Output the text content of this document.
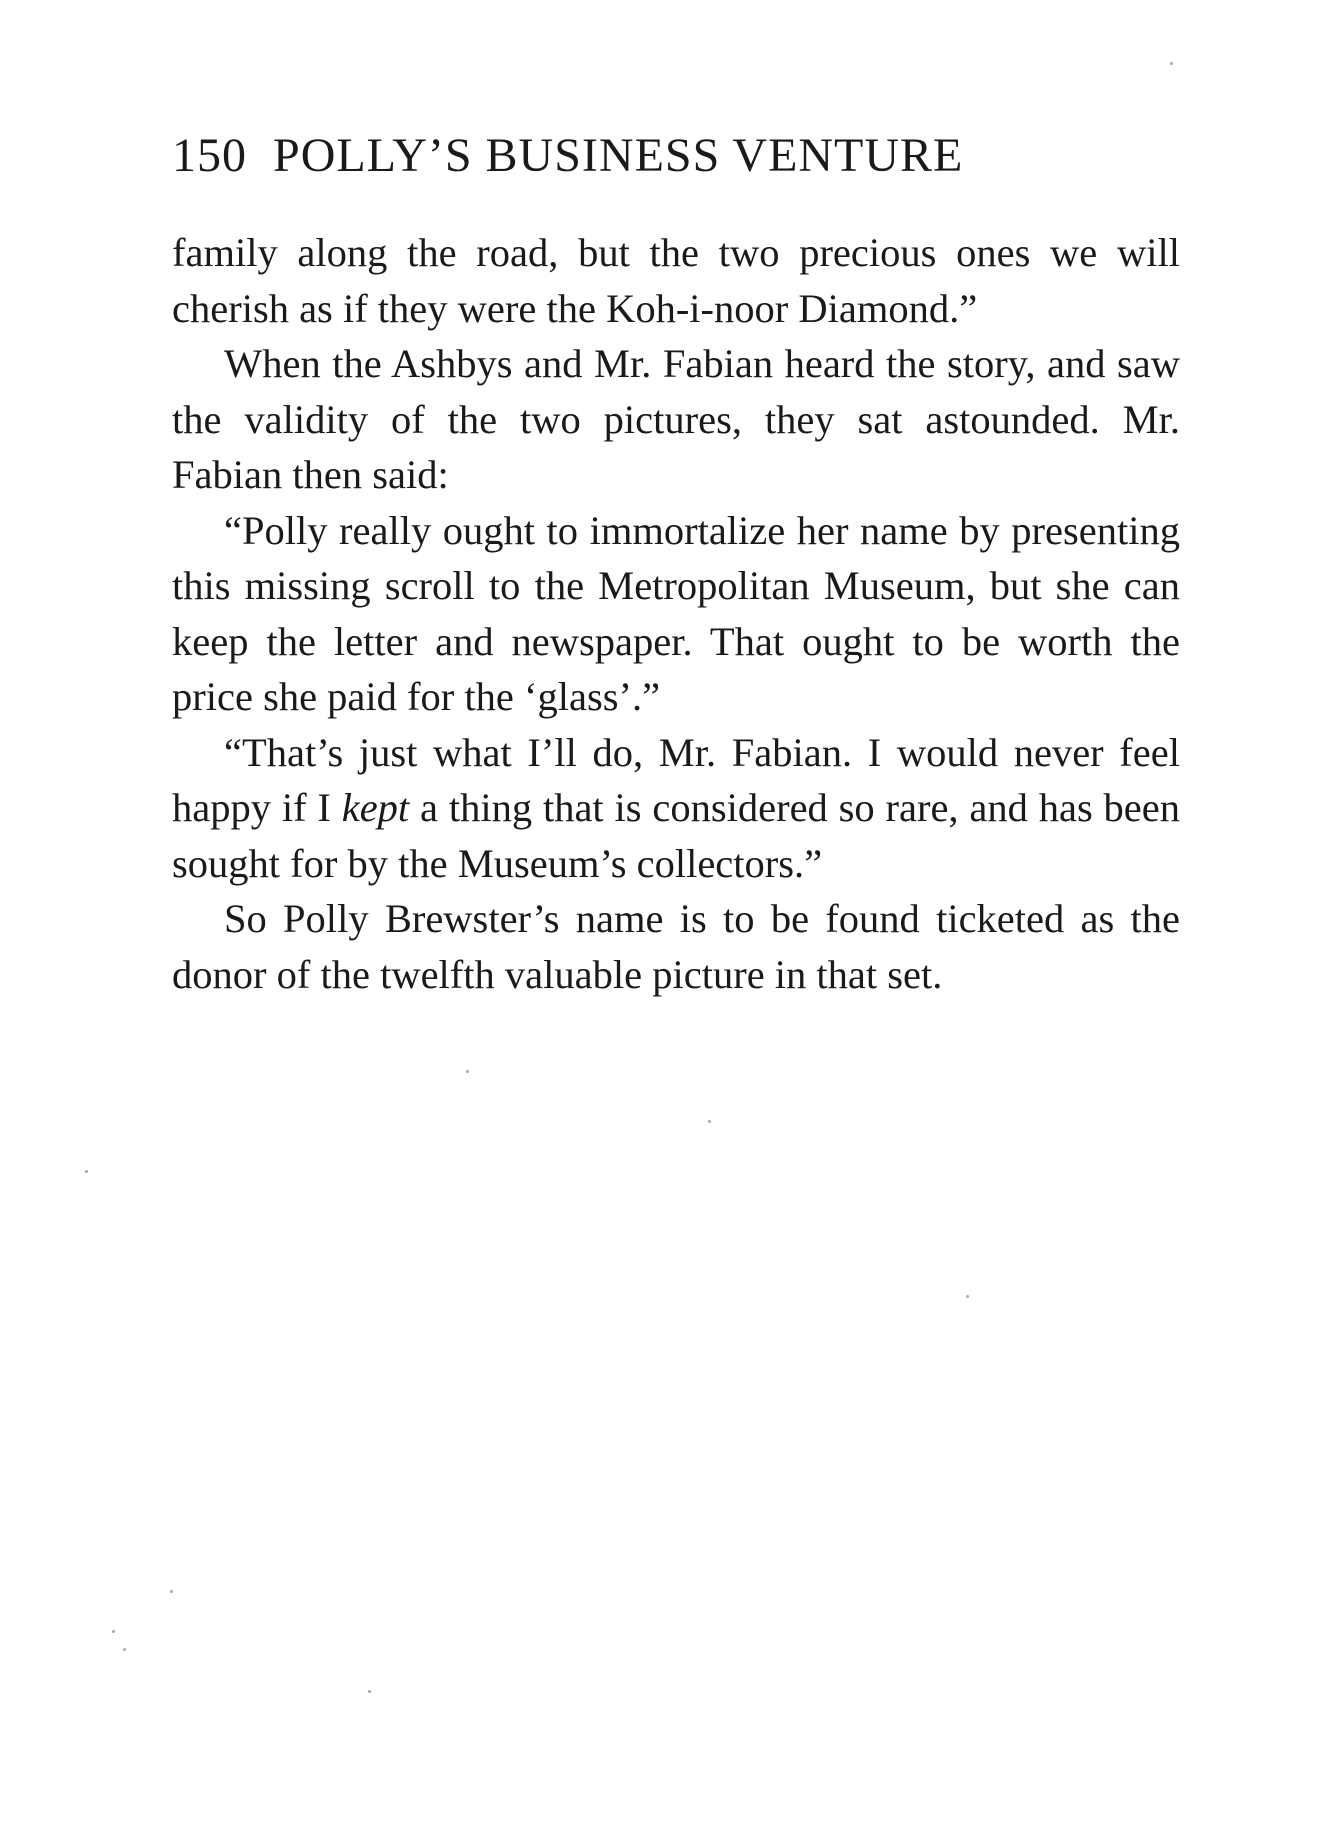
150 POLLY’S BUSINESS VENTURE

family along the road, but the two precious ones we will cherish as if they were the Koh-i-noor Diamond.”

When the Ashbys and Mr. Fabian heard the story, and saw the validity of the two pictures, they sat astounded. Mr. Fabian then said:

“Polly really ought to immortalize her name by presenting this missing scroll to the Metropolitan Museum, but she can keep the letter and newspaper. That ought to be worth the price she paid for the ‘glass’.”

“That’s just what I’ll do, Mr. Fabian. I would never feel happy if I kept a thing that is considered so rare, and has been sought for by the Museum’s collectors.”

So Polly Brewster’s name is to be found ticketed as the donor of the twelfth valuable picture in that set.
